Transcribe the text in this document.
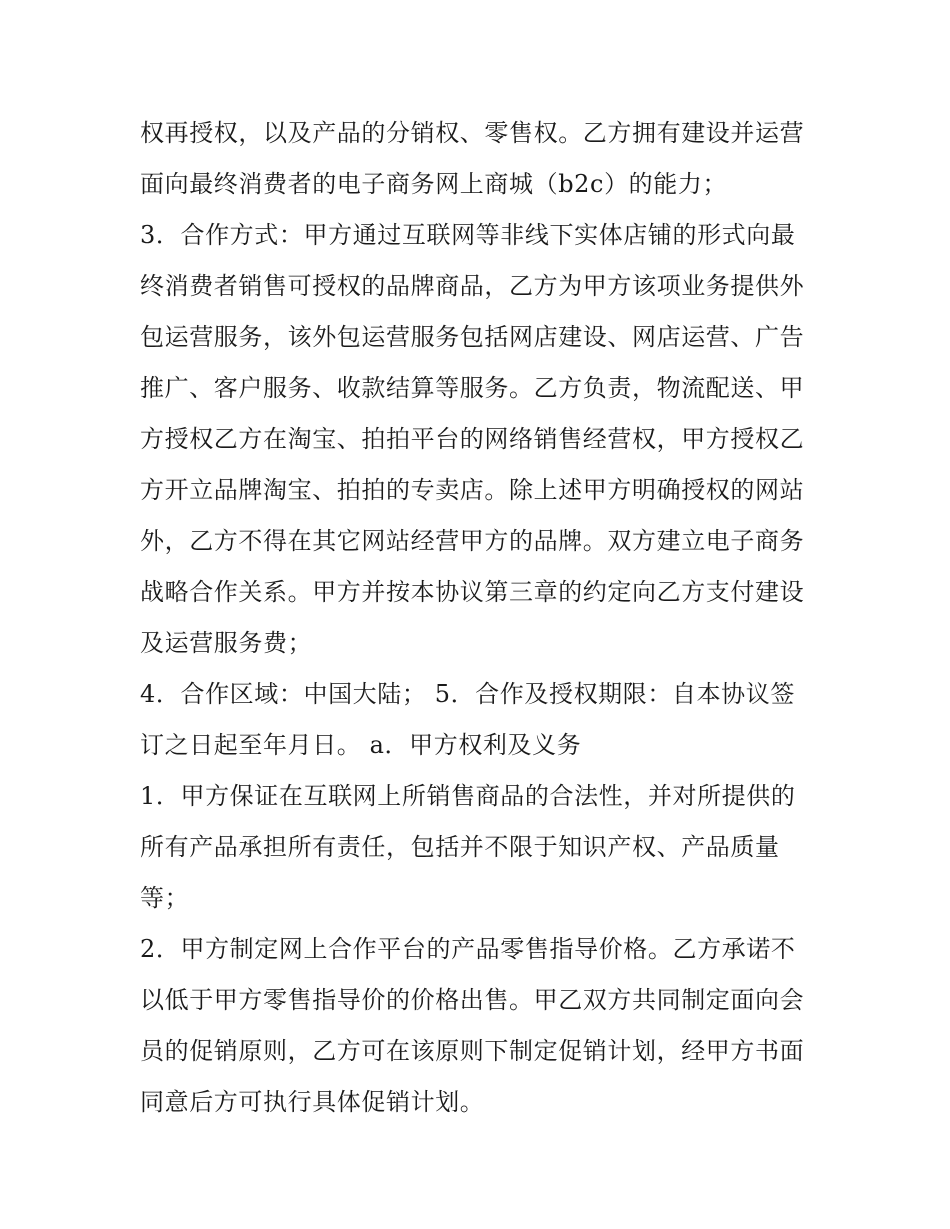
权再授权，以及产品的分销权、零售权。乙方拥有建设并运营
面向最终消费者的电子商务网上商城（b2c）的能力；
3．合作方式：甲方通过互联网等非线下实体店铺的形式向最
终消费者销售可授权的品牌商品，乙方为甲方该项业务提供外
包运营服务，该外包运营服务包括网店建设、网店运营、广告
推广、客户服务、收款结算等服务。乙方负责，物流配送、甲
方授权乙方在淘宝、拍拍平台的网络销售经营权，甲方授权乙
方开立品牌淘宝、拍拍的专卖店。除上述甲方明确授权的网站
外，乙方不得在其它网站经营甲方的品牌。双方建立电子商务
战略合作关系。甲方并按本协议第三章的约定向乙方支付建设
及运营服务费；
4．合作区域：中国大陆； 5．合作及授权期限：自本协议签
订之日起至年月日。 a．甲方权利及义务
1．甲方保证在互联网上所销售商品的合法性，并对所提供的
所有产品承担所有责任，包括并不限于知识产权、产品质量
等；
2．甲方制定网上合作平台的产品零售指导价格。乙方承诺不
以低于甲方零售指导价的价格出售。甲乙双方共同制定面向会
员的促销原则，乙方可在该原则下制定促销计划，经甲方书面
同意后方可执行具体促销计划。
